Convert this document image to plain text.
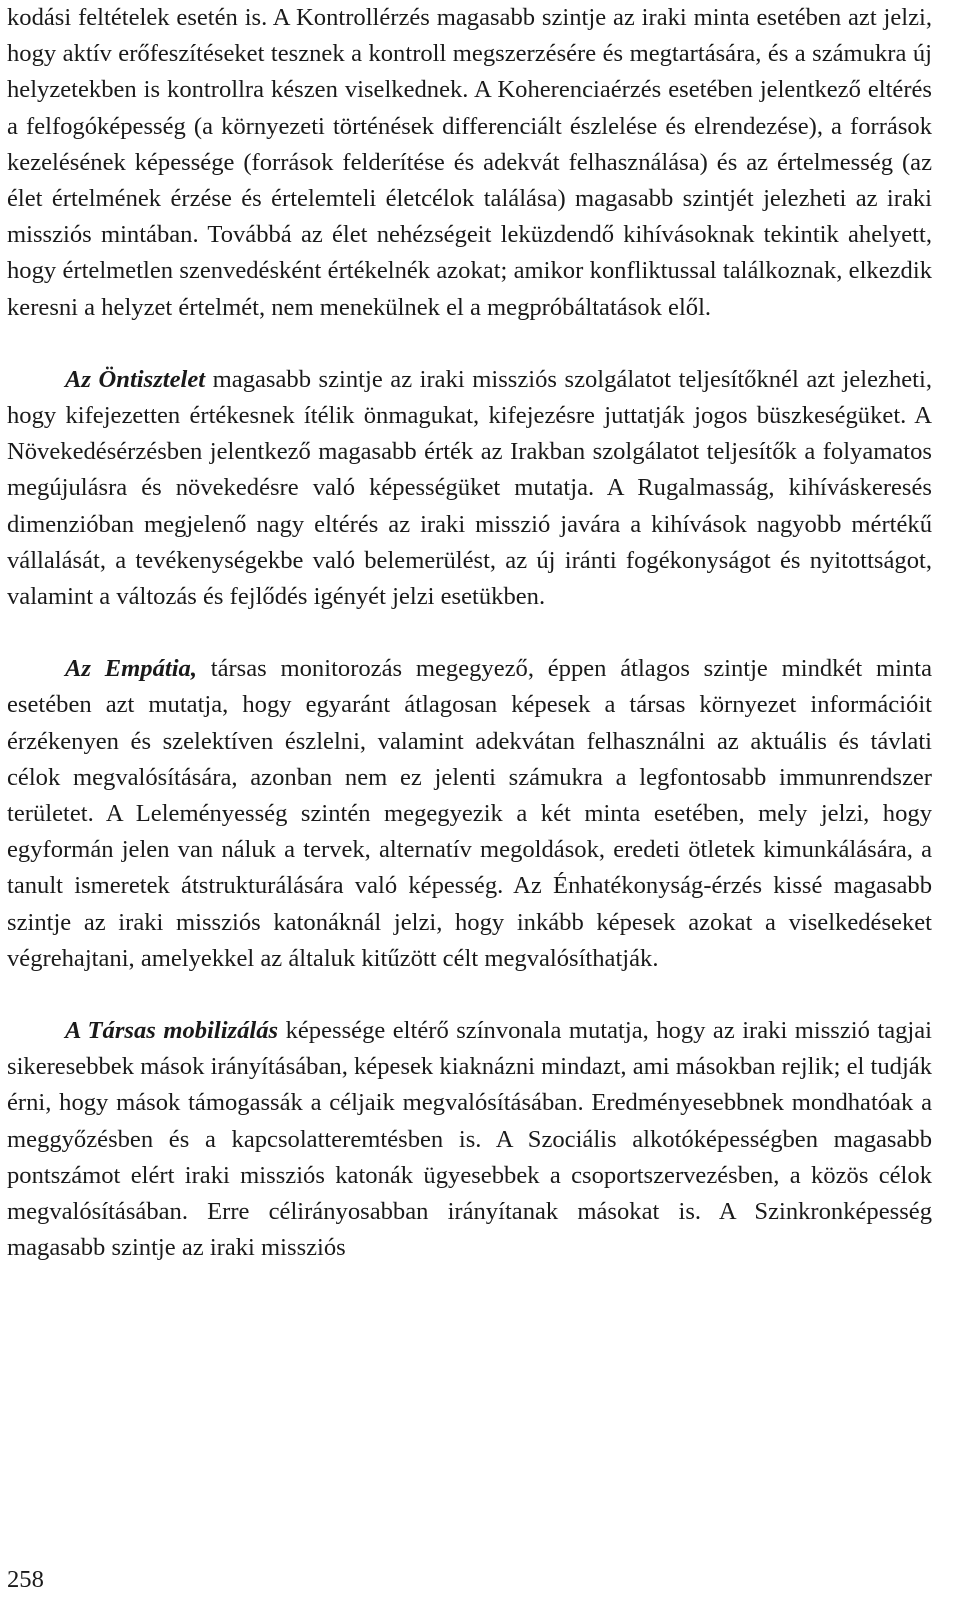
kodási feltételek esetén is. A Kontrollérzés magasabb szintje az iraki minta esetében azt jelzi, hogy aktív erőfeszítéseket tesznek a kontroll megszerzésére és megtartására, és a számukra új helyzetekben is kontrollra készen viselkednek. A Koherenciaérzés esetében jelentkező eltérés a felfogóképesség (a környezeti történések differenciált észlelése és elrendezése), a források kezelésének képessége (források felderítése és adekvát felhasználása) és az értelmesség (az élet értelmének érzése és értelemteli életcélok találása) magasabb szintjét jelezheti az iraki missziós mintában. Továbbá az élet nehézségeit leküzdendő kihívásoknak tekintik ahelyett, hogy értelmetlen szenvedésként értékelnék azokat; amikor konfliktussal találkoznak, elkezdik keresni a helyzet értelmét, nem menekülnek el a megpróbáltatások elől.

Az Öntisztelet magasabb szintje az iraki missziós szolgálatot teljesítőknél azt jelezheti, hogy kifejezetten értékesnek ítélik önmagukat, kifejezésre juttatják jogos büszkeségüket. A Növekedésérzésben jelentkező magasabb érték az Irakban szolgálatot teljesítők a folyamatos megújulásra és növekedésre való képességüket mutatja. A Rugalmasság, kihíváskeresés dimenzióban megjelenő nagy eltérés az iraki misszió javára a kihívások nagyobb mértékű vállalását, a tevékenységekbe való belemerülést, az új iránti fogékonyságot és nyitottságot, valamint a változás és fejlődés igényét jelzi esetükben.

Az Empátia, társas monitorozás megegyező, éppen átlagos szintje mindkét minta esetében azt mutatja, hogy egyaránt átlagosan képesek a társas környezet információit érzékenyen és szelektíven észlelni, valamint adekvátan felhasználni az aktuális és távlati célok megvalósítására, azonban nem ez jelenti számukra a legfontosabb immunrendszer területet. A Leleményesség szintén megegyezik a két minta esetében, mely jelzi, hogy egyformán jelen van náluk a tervek, alternatív megoldások, eredeti ötletek kimunkálására, a tanult ismeretek átstrukturálására való képesség. Az Énhatékonyság-érzés kissé magasabb szintje az iraki missziós katonáknál jelzi, hogy inkább képesek azokat a viselkedéseket végrehajtani, amelyekkel az általuk kitűzött célt megvalósíthatják.

A Társas mobilizálás képessége eltérő színvonala mutatja, hogy az iraki misszió tagjai sikeresebbek mások irányításában, képesek kiaknázni mindazt, ami másokban rejlik; el tudják érni, hogy mások támogassák a céljaik megvalósításában. Eredményesebbnek mondhatóak a meggyőzésben és a kapcsolatteremtésben is. A Szociális alkotóképességben magasabb pontszámot elért iraki missziós katonák ügyesebbek a csoportszervezésben, a közös célok megvalósításában. Erre célirányosabban irányítanak másokat is. A Szinkronképesség magasabb szintje az iraki missziós

258
